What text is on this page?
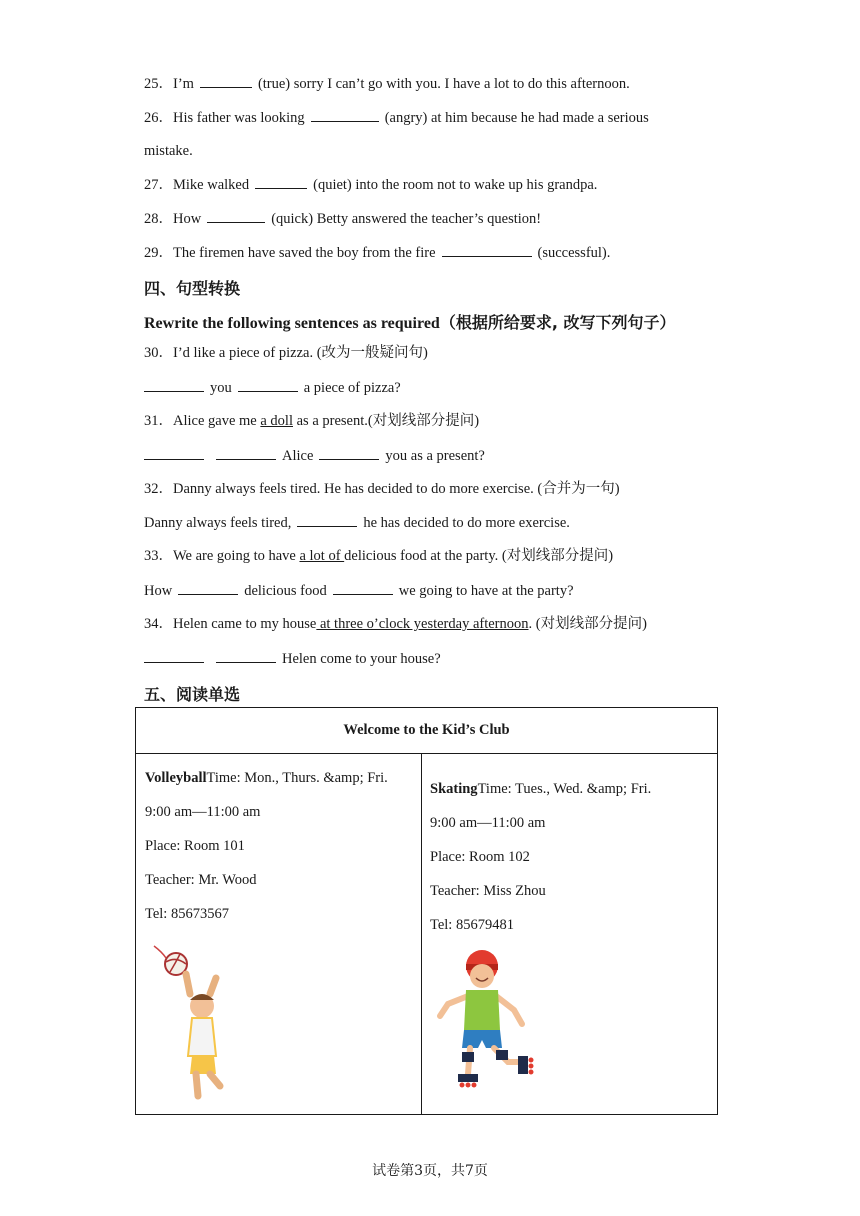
25．I’m	(true) sorry I can’t go with you. I have a lot to do this afternoon.
26．His father was looking	(angry) at him because he had made a serious
mistake.
27．Mike walked	(quiet) into the room not to wake up his grandpa.
28．How	(quick) Betty answered the teacher’s question!
29．The firemen have saved the boy from the fire	(successful).
四、句型转换
Rewrite the following sentences as required（根据所给要求, 改写下列句子）
30．I’d like a piece of pizza. (改为一般疑问句)
you	a piece of pizza?
31．Alice gave me a doll as a present.(对划线部分提问)
Alice	you as a present?
32．Danny always feels tired. He has decided to do more exercise. (合并为一句)
Danny always feels tired,	he has decided to do more exercise.
33．We are going to have a lot of delicious food at the party. (对划线部分提问)
How	delicious food	we going to have at the party?
34．Helen came to my house at three o’clock yesterday afternoon. (对划线部分提问)
Helen come to your house?
五、阅读单选
Welcome to the Kid’s Club

VolleyballTime: Mon., Thurs. &amp; Fri.
9:00 am—11:00 am
Place: Room 101
Teacher: Mr. Wood
Tel: 85673567

SkatingTime: Tues., Wed. &amp; Fri.
9:00 am—11:00 am
Place: Room 102
Teacher: Miss Zhou
Tel: 85679481
试卷第3页，共7页
